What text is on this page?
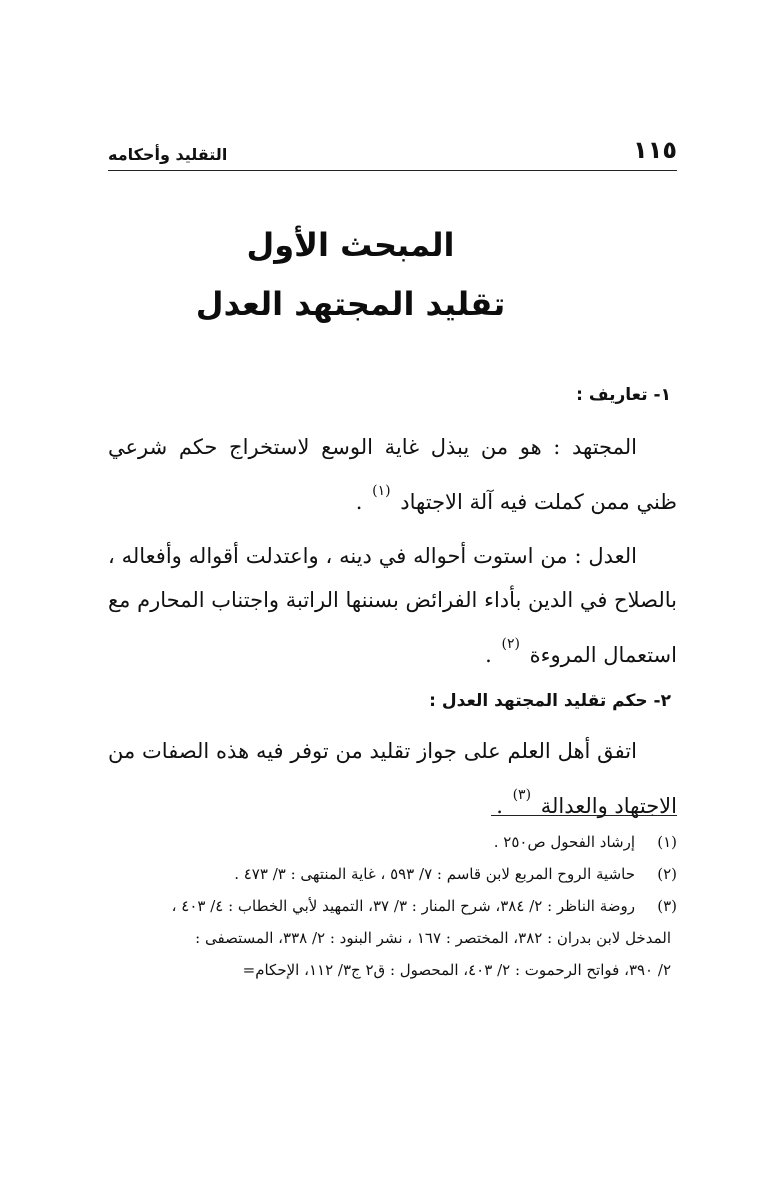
١١٥
التقليد وأحكامه
المبحث الأول
تقليد المجتهد العدل
١- تعاريف :

المجتهد : هو من يبذل غاية الوسع لاستخراج حكم شرعي ظني ممن كملت فيه آلة الاجتهاد $^{(١)}$ .

العدل : من استوت أحواله في دينه ، واعتدلت أقواله وأفعاله ، بالصلاح في الدين بأداء الفرائض بسننها الراتبة واجتناب المحارم مع استعمال المروءة $^{(٢)}$ .

٢- حكم تقليد المجتهد العدل :

اتفق أهل العلم على جواز تقليد من توفر فيه هذه الصفات من الاجتهاد والعدالة $^{(٣)}$ .

(١)
إرشاد الفحول ص٢٥٠ .
(٢)
حاشية الروح المربع لابن قاسم : ٧/ ٥٩٣ ، غاية المنتهى : ٣/ ٤٧٣ .
(٣)
روضة الناظر : ٢/ ٣٨٤، شرح المنار : ٣/ ٣٧، التمهيد لأبي الخطاب : ٤/ ٤٠٣ ،
المدخل لابن بدران : ٣٨٢، المختصر : ١٦٧ ، نشر البنود : ٢/ ٣٣٨، المستصفى :
٢/ ٣٩٠، فواتح الرحموت : ٢/ ٤٠٣، المحصول : ق٢ ج٣/ ١١٢، الإحكام=
